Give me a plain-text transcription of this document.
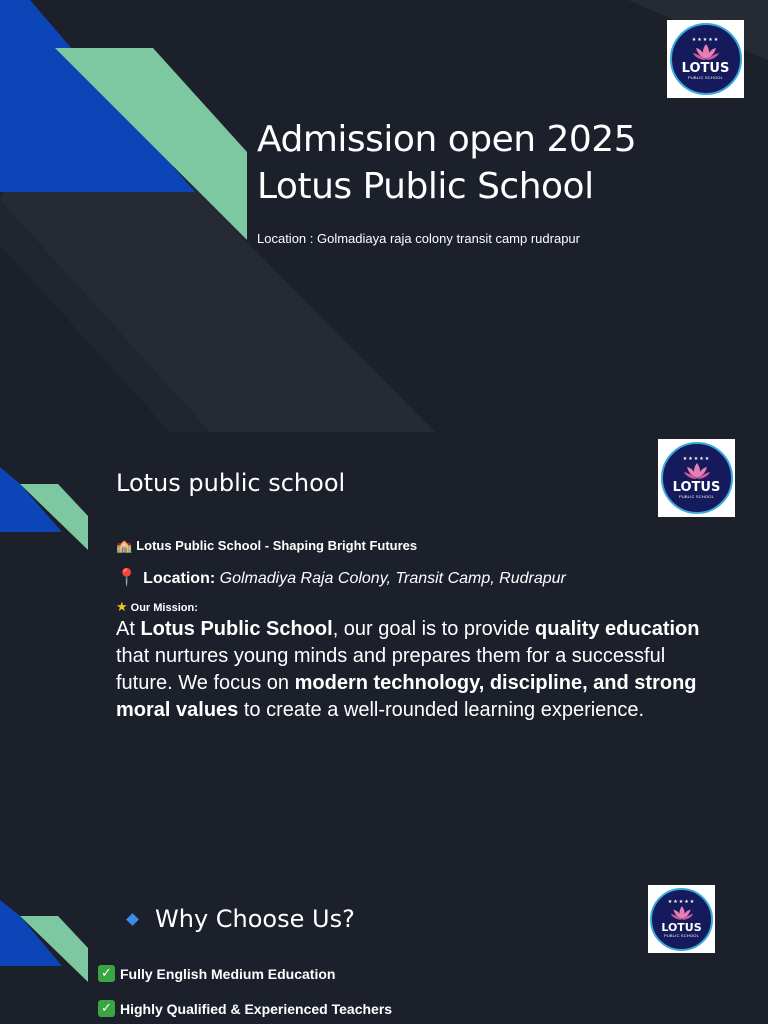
★★★★★
LOTUS
PUBLIC SCHOOL
Admission open 2025
Lotus Public School
Location : Golmadiaya raja colony transit camp rudrapur
★★★★★
LOTUS
PUBLIC SCHOOL
Lotus public school
🏫 Lotus Public School - Shaping Bright Futures
📍 Location: Golmadiya Raja Colony, Transit Camp, Rudrapur
★ Our Mission:

At Lotus Public School, our goal is to provide quality education that nurtures young minds and prepares them for a successful future. We focus on modern technology, discipline, and strong moral values to create a well-rounded learning experience.

★★★★★
LOTUS
PUBLIC SCHOOL
Why Choose Us?
✓ Fully English Medium Education
✓ Highly Qualified & Experienced Teachers
